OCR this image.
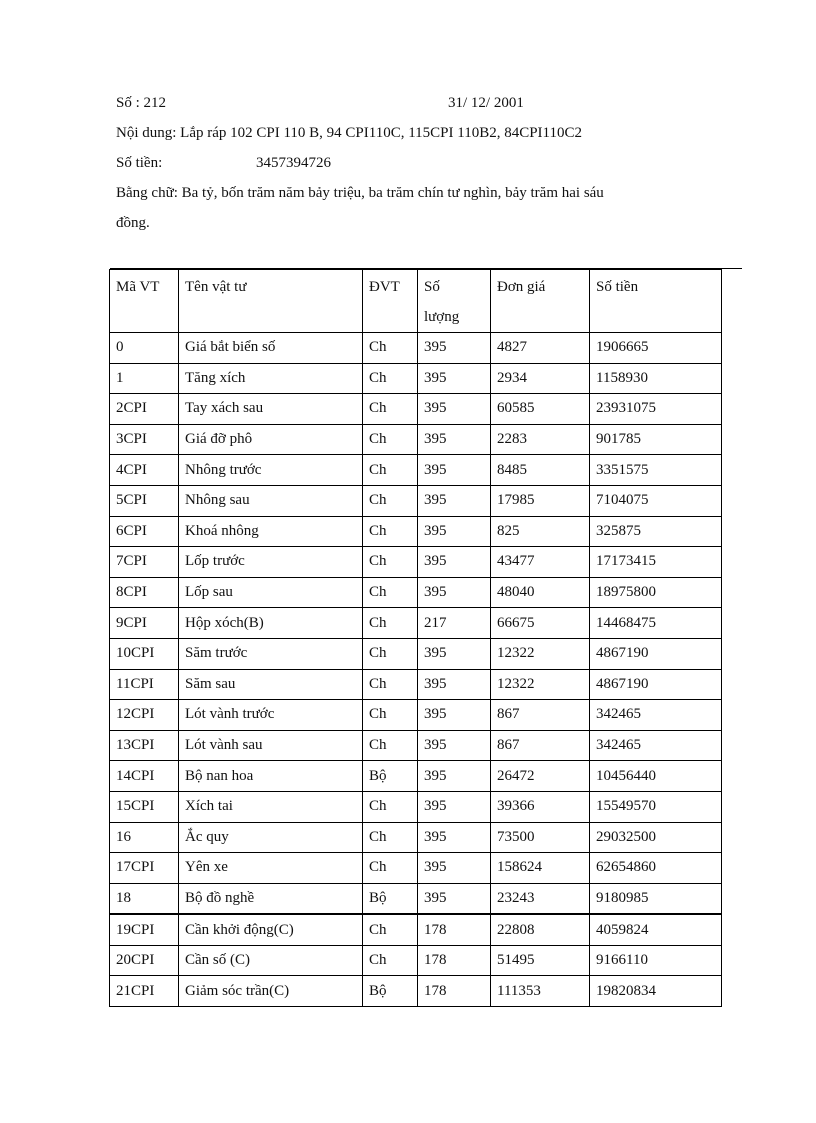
Số : 212	31/ 12/ 2001
Nội dung: Lắp ráp 102 CPI 110 B, 94 CPI110C, 115CPI 110B2, 84CPI110C2
Số tiền:	3457394726
Bằng chữ: Ba tỷ, bốn trăm năm bảy triệu, ba trăm chín tư nghìn, bảy trăm hai sáu
đồng.
Mã VT	Tên vật tư	ĐVT	Số lượng	Đơn giá	Số tiền
0	Giá bắt biển số	Ch	395	4827	1906665
1	Tăng xích	Ch	395	2934	1158930
2CPI	Tay xách sau	Ch	395	60585	23931075
3CPI	Giá đỡ phô	Ch	395	2283	901785
4CPI	Nhông trước	Ch	395	8485	3351575
5CPI	Nhông sau	Ch	395	17985	7104075
6CPI	Khoá nhông	Ch	395	825	325875
7CPI	Lốp trước	Ch	395	43477	17173415
8CPI	Lốp sau	Ch	395	48040	18975800
9CPI	Hộp xóch(B)	Ch	217	66675	14468475
10CPI	Săm trước	Ch	395	12322	4867190
11CPI	Săm sau	Ch	395	12322	4867190
12CPI	Lót vành trước	Ch	395	867	342465
13CPI	Lót vành sau	Ch	395	867	342465
14CPI	Bộ nan hoa	Bộ	395	26472	10456440
15CPI	Xích tai	Ch	395	39366	15549570
16	Ắc quy	Ch	395	73500	29032500
17CPI	Yên xe	Ch	395	158624	62654860
18	Bộ đồ nghề	Bộ	395	23243	9180985
19CPI	Cần khởi động(C)	Ch	178	22808	4059824
20CPI	Cần số (C)	Ch	178	51495	9166110
21CPI	Giảm sóc trần(C)	Bộ	178	111353	19820834
